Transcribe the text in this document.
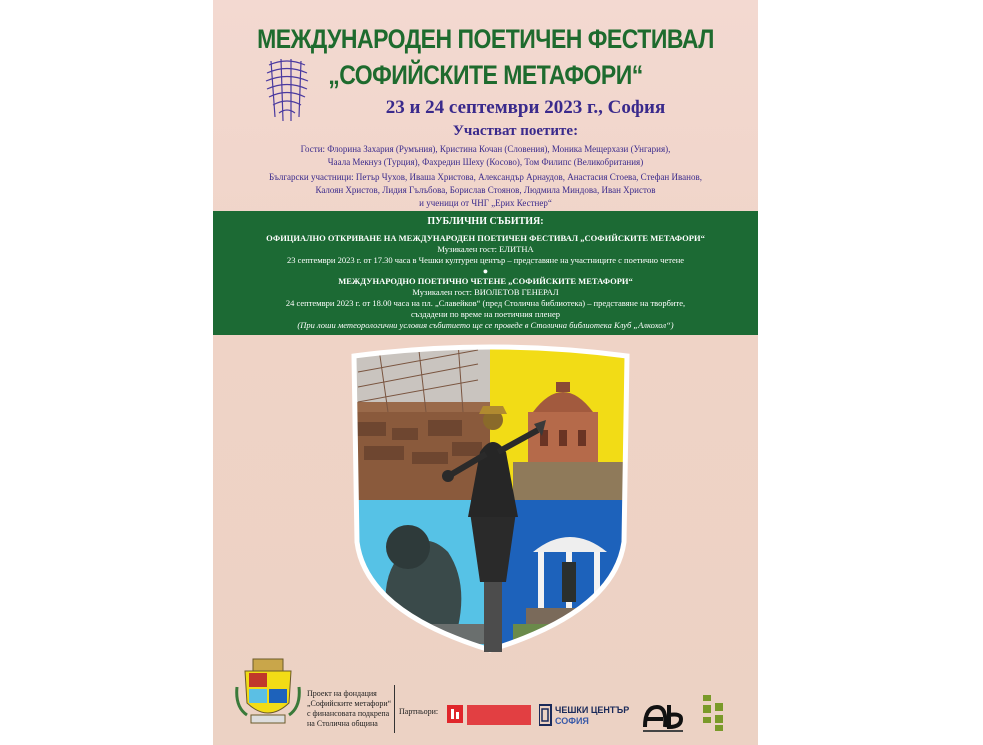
МЕЖДУНАРОДЕН ПОЕТИЧЕН ФЕСТИВАЛ
„СОФИЙСКИТЕ МЕТАФОРИ“
23 и 24 септември 2023 г., София
Участват поетите:
Гости: Флорина Захария (Румъния), Кристина Кочан (Словения), Моника Мещерхази (Унгария),
Чаала Мекнуз (Турция), Фахредин Шеху (Косово), Том Филипс (Великобритания)
Български участници: Петър Чухов, Иваша Христова, Александър Арнаудов, Анастасия Стоева, Стефан Иванов,
Калоян Христов, Лидия Гълъбова, Борислав Стоянов, Людмила Миндова, Иван Христов
и ученици от ЧНГ „Ерих Кестнер“
ПУБЛИЧНИ СЪБИТИЯ:
ОФИЦИАЛНО ОТКРИВАНЕ НА МЕЖДУНАРОДЕН ПОЕТИЧЕН ФЕСТИВАЛ „СОФИЙСКИТЕ МЕТАФОРИ“
Музикален гост: ЕЛИТНА
23 септември 2023 г. от 17.30 часа в Чешки културен център – представяне на участниците с поетично четене
●
МЕЖДУНАРОДНО ПОЕТИЧНО ЧЕТЕНЕ „СОФИЙСКИТЕ МЕТАФОРИ“
Музикален гост: ВИОЛЕТОВ ГЕНЕРАЛ
24 септември 2023 г. от 18.00 часа на пл. „Славейков“ (пред Столична библиотека) – представяне на творбите,
създадени по време на поетичния пленер
(При лоши метеорологични условия събитието ще се проведе в Столична библиотека Клуб „Алкохол“)
Проект на фондация
„Софийските метафори“
с финансовата подкрепа
на Столична община
Партньори:	ЧЕШКИ ЦЕНТЪР
СОФИЯ
